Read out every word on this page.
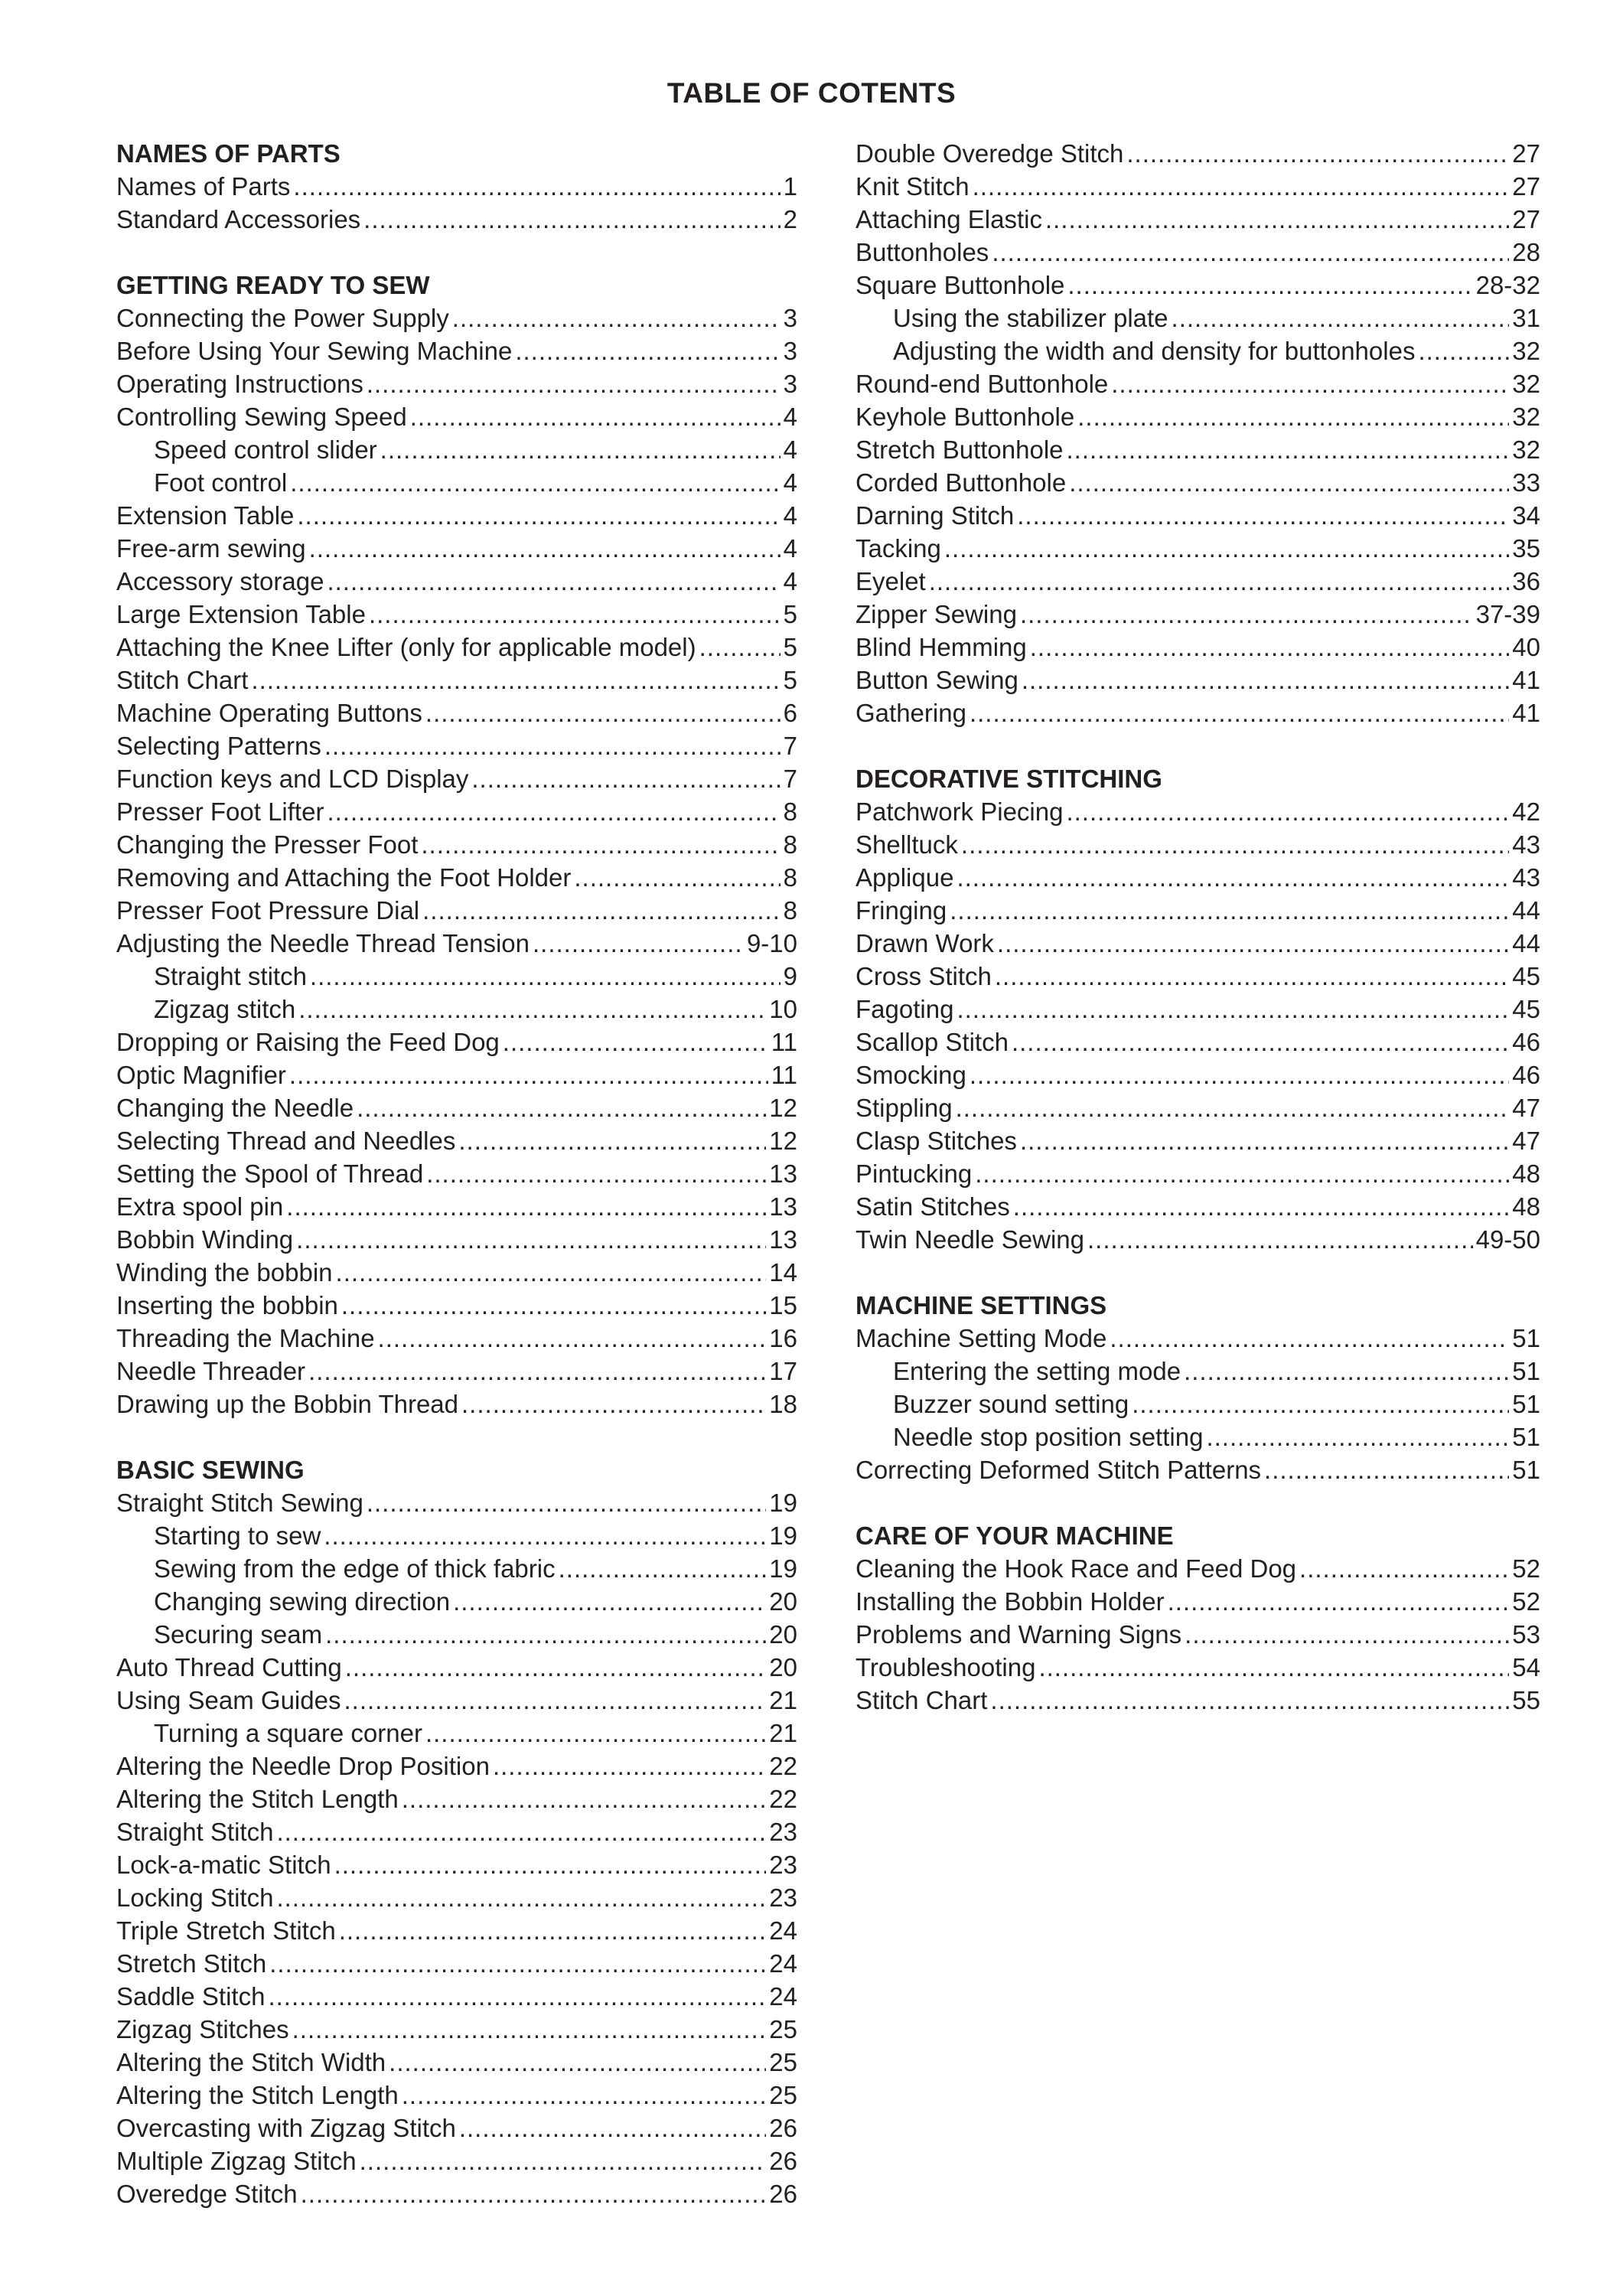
TABLE OF COTENTS
NAMES OF PARTS
Names of Parts .....	1
Standard Accessories .....	2
GETTING READY TO SEW
Connecting the Power Supply .....	3
Before Using Your Sewing Machine .....	3
Operating Instructions .....	3
Controlling Sewing Speed .....	4
Speed control slider .....	4
Foot control .....	4
Extension Table .....	4
Free-arm sewing .....	4
Accessory storage .....	4
Large Extension Table .....	5
Attaching the Knee Lifter (only for applicable model) .....	5
Stitch Chart .....	5
Machine Operating Buttons .....	6
Selecting Patterns .....	7
Function keys and LCD Display .....	7
Presser Foot Lifter .....	8
Changing the Presser Foot .....	8
Removing and Attaching the Foot Holder .....	8
Presser Foot Pressure Dial .....	8
Adjusting the Needle Thread Tension .....	9-10
Straight stitch .....	9
Zigzag stitch .....	10
Dropping or Raising the Feed Dog .....	11
Optic Magnifier .....	11
Changing the Needle .....	12
Selecting Thread and Needles .....	12
Setting the Spool of Thread .....	13
Extra spool pin .....	13
Bobbin Winding .....	13
Winding the bobbin .....	14
Inserting the bobbin .....	15
Threading the Machine .....	16
Needle Threader .....	17
Drawing up the Bobbin Thread .....	18
BASIC SEWING
Straight Stitch Sewing .....	19
Starting to sew .....	19
Sewing from the edge of thick fabric .....	19
Changing sewing direction .....	20
Securing seam .....	20
Auto Thread Cutting .....	20
Using Seam Guides .....	21
Turning a square corner .....	21
Altering the Needle Drop Position .....	22
Altering the Stitch Length .....	22
Straight Stitch .....	23
Lock-a-matic Stitch .....	23
Locking Stitch .....	23
Triple Stretch Stitch .....	24
Stretch Stitch .....	24
Saddle Stitch .....	24
Zigzag Stitches .....	25
Altering the Stitch Width .....	25
Altering the Stitch Length .....	25
Overcasting with Zigzag Stitch .....	26
Multiple Zigzag Stitch .....	26
Overedge Stitch .....	26
Double Overedge Stitch .....	27
Knit Stitch .....	27
Attaching Elastic .....	27
Buttonholes .....	28
Square Buttonhole .....	28-32
Using the stabilizer plate .....	31
Adjusting the width and density for buttonholes .....	32
Round-end Buttonhole .....	32
Keyhole Buttonhole .....	32
Stretch Buttonhole .....	32
Corded Buttonhole .....	33
Darning Stitch .....	34
Tacking .....	35
Eyelet .....	36
Zipper Sewing .....	37-39
Blind Hemming .....	40
Button Sewing .....	41
Gathering .....	41
DECORATIVE STITCHING
Patchwork Piecing .....	42
Shelltuck .....	43
Applique .....	43
Fringing .....	44
Drawn Work .....	44
Cross Stitch .....	45
Fagoting .....	45
Scallop Stitch .....	46
Smocking .....	46
Stippling .....	47
Clasp Stitches .....	47
Pintucking .....	48
Satin Stitches .....	48
Twin Needle Sewing .....	49-50
MACHINE SETTINGS
Machine Setting Mode .....	51
Entering the setting mode .....	51
Buzzer sound setting .....	51
Needle stop position setting .....	51
Correcting Deformed Stitch Patterns .....	51
CARE OF YOUR MACHINE
Cleaning the Hook Race and Feed Dog .....	52
Installing the Bobbin Holder .....	52
Problems and Warning Signs .....	53
Troubleshooting .....	54
Stitch Chart .....	55
